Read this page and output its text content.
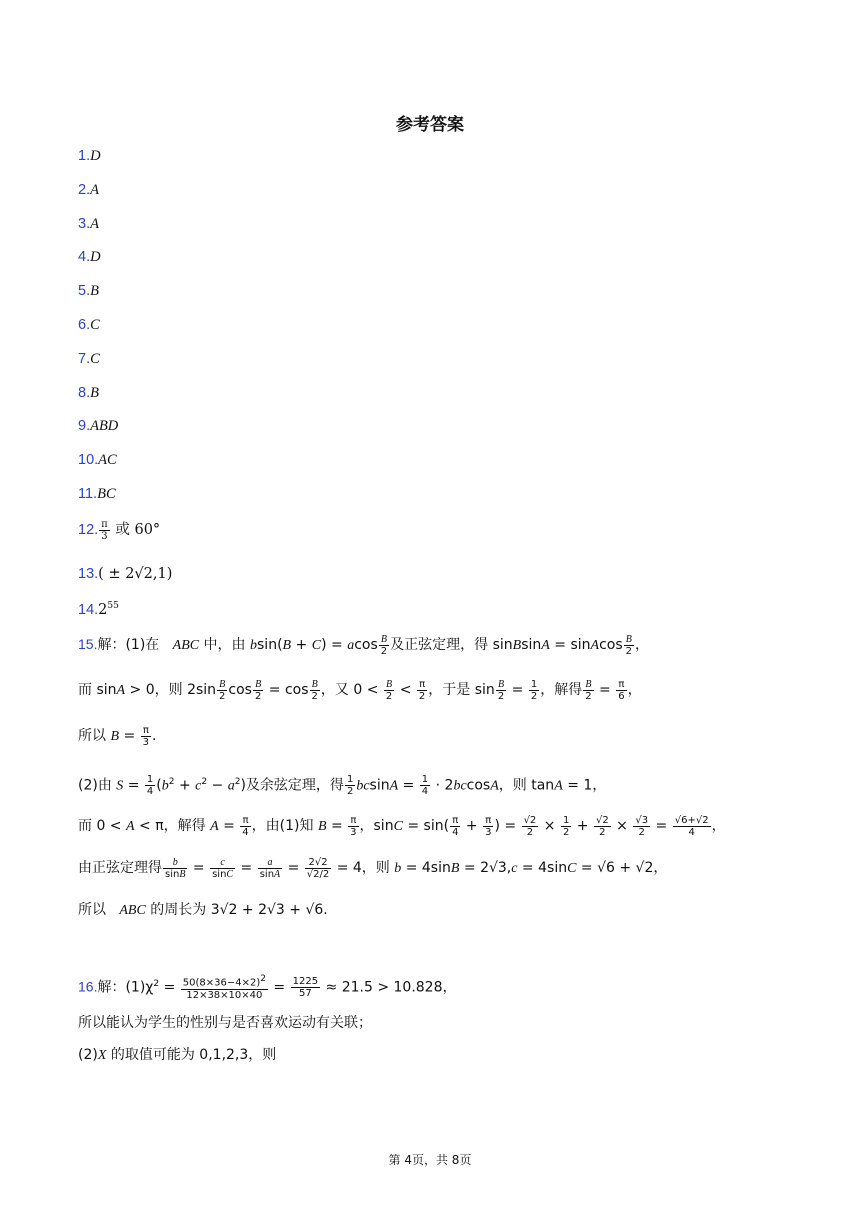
参考答案
1.D
2.A
3.A
4.D
5.B
6.C
7.C
8.B
9.ABD
10.AC
11.BC
12. $\frac{\pi}{3}$ 或 60°
13.( ± 2√2,1)
14.2$^{55}$
15.解：(1)在   ABC 中，由 bsin(B + C) = acos $\frac{B}{2}$ 及正弦定理，得 sinBsinA = sinAcos $\frac{B}{2}$ ，
而 sinA > 0，则 $2\sin \frac{B}{2}$ $\cos \frac{B}{2} = \cos \frac{B}{2}$ ，又 $0 < \frac{B}{2} < \frac{\pi}{2}$ ，于是 $\sin \frac{B}{2} = \frac{1}{2}$ ，解得 $\frac{B}{2} = \frac{\pi}{6}$ ，
所以 $B = \frac{\pi}{3}$ .
(2)由 $S = \frac{1}{4} (b^2 + c^2 - a^2)$及余弦定理，得 $\frac{1}{2}$ $bcsinA = \frac{1}{4} \cdot 2bccosA$，则 tanA = 1，
而 0 < A < π，解得 $A = \frac{\pi}{4}$ ，由(1)知 $B = \frac{\pi}{3}$ ，$\sin C = \sin( \frac{\pi}{4} + \frac{\pi}{3}$ ) = $\frac{√2}{2} \times \frac{1}{2} + \frac{√2}{2} \times \frac{√3}{2} = \frac{√6+√2}{4}$ ，
由正弦定理得 $\frac{b}{\sin B} = \frac{c}{\sin C} = \frac{a}{\sin A} = \frac{2√2}{√2/2} = 4$，则 b = 4sinB = 2√3,c = 4sinC = √6 + √2，
所以   ABC 的周长为 3√2 + 2√3 + √6.
16.解：$(1)\chi^2 = \frac{50(8\times 36-4\times 2)^2}{12\times 38\times 10\times 40} = \frac{1225}{57} \approx 21.5 > 10.828$，
所以能认为学生的性别与是否喜欢运动有关联；
(2)X 的取值可能为 0,1,2,3，则
第 4页，共 8页
